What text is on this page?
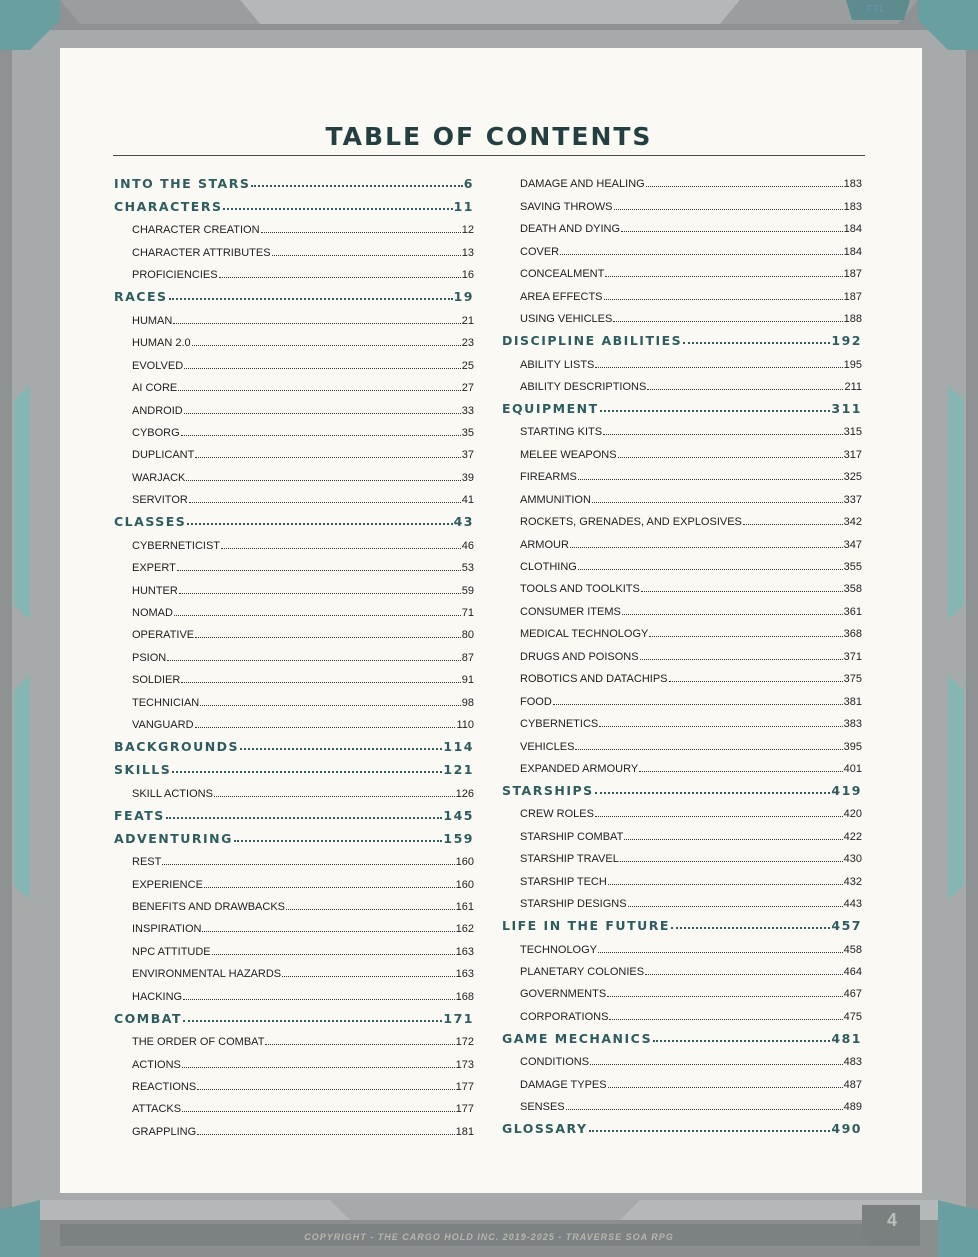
FTL
TABLE OF CONTENTS
INTO THE STARS	6
CHARACTERS	11
CHARACTER CREATION	12
CHARACTER ATTRIBUTES	13
PROFICIENCIES	16
RACES	19
HUMAN	21
HUMAN 2.0	23
EVOLVED	25
AI CORE	27
ANDROID	33
CYBORG	35
DUPLICANT	37
WARJACK	39
SERVITOR	41
CLASSES	43
CYBERNETICIST	46
EXPERT	53
HUNTER	59
NOMAD	71
OPERATIVE	80
PSION	87
SOLDIER	91
TECHNICIAN	98
VANGUARD	110
BACKGROUNDS	114
SKILLS	121
SKILL ACTIONS	126
FEATS	145
ADVENTURING	159
REST	160
EXPERIENCE	160
BENEFITS AND DRAWBACKS	161
INSPIRATION	162
NPC ATTITUDE	163
ENVIRONMENTAL HAZARDS	163
HACKING	168
COMBAT	171
THE ORDER OF COMBAT	172
ACTIONS	173
REACTIONS	177
ATTACKS	177
GRAPPLING	181
DAMAGE AND HEALING	183
SAVING THROWS	183
DEATH AND DYING	184
COVER	184
CONCEALMENT	187
AREA EFFECTS	187
USING VEHICLES	188
DISCIPLINE ABILITIES	192
ABILITY LISTS	195
ABILITY DESCRIPTIONS	211
EQUIPMENT	311
STARTING KITS	315
MELEE WEAPONS	317
FIREARMS	325
AMMUNITION	337
ROCKETS, GRENADES, AND EXPLOSIVES	342
ARMOUR	347
CLOTHING	355
TOOLS AND TOOLKITS	358
CONSUMER ITEMS	361
MEDICAL TECHNOLOGY	368
DRUGS AND POISONS	371
ROBOTICS AND DATACHIPS	375
FOOD	381
CYBERNETICS	383
VEHICLES	395
EXPANDED ARMOURY	401
STARSHIPS	419
CREW ROLES	420
STARSHIP COMBAT	422
STARSHIP TRAVEL	430
STARSHIP TECH	432
STARSHIP DESIGNS	443
LIFE IN THE FUTURE	457
TECHNOLOGY	458
PLANETARY COLONIES	464
GOVERNMENTS	467
CORPORATIONS	475
GAME MECHANICS	481
CONDITIONS	483
DAMAGE TYPES	487
SENSES	489
GLOSSARY	490
COPYRIGHT - THE CARGO HOLD INC. 2019-2025 - TRAVERSE SOA RPG
4
